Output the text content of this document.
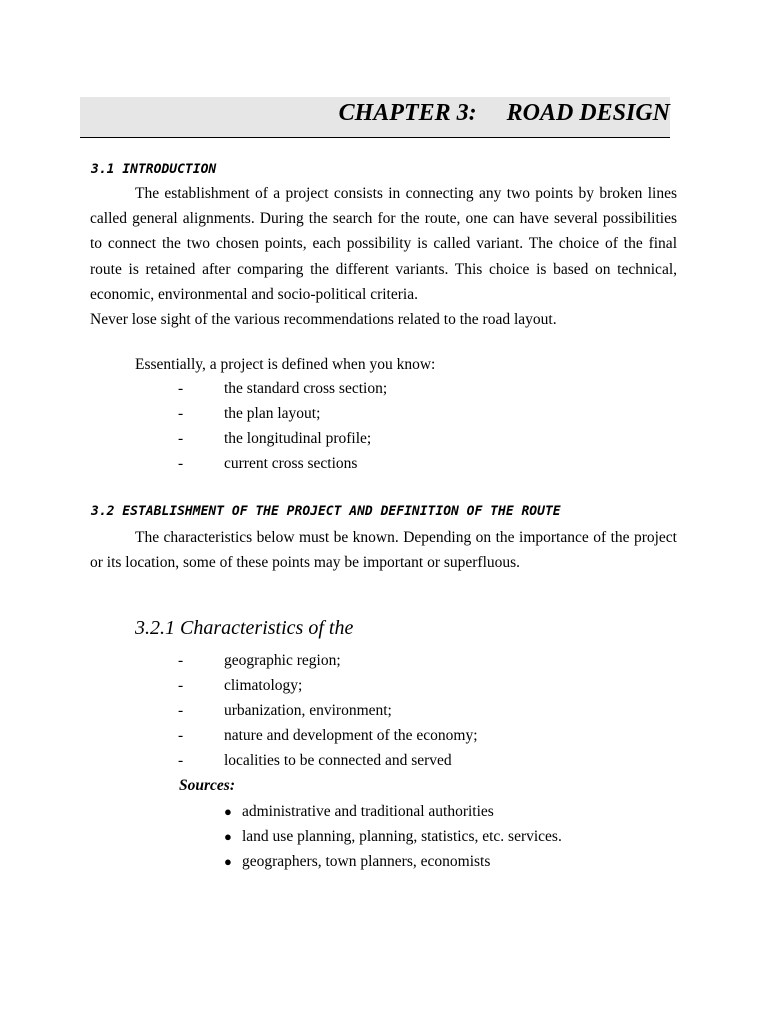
CHAPTER 3:     ROAD DESIGN
3.1 INTRODUCTION

The establishment of a project consists in connecting any two points by broken lines called general alignments. During the search for the route, one can have several possibilities to connect the two chosen points, each possibility is called variant. The choice of the final route is retained after comparing the different variants. This choice is based on technical, economic, environmental and socio-political criteria.

Never lose sight of the various recommendations related to the road layout.
Essentially, a project is defined when you know:
-	the standard cross section;
-	the plan layout;
-	the longitudinal profile;
-	current cross sections
3.2 ESTABLISHMENT OF THE PROJECT AND DEFINITION OF THE ROUTE

The characteristics below must be known. Depending on the importance of the project or its location, some of these points may be important or superfluous.

3.2.1 Characteristics of the
-	geographic region;
-	climatology;
-	urbanization, environment;
-	nature and development of the economy;
-	localities to be connected and served
Sources:
● administrative and traditional authorities
● land use planning, planning, statistics, etc. services.
● geographers, town planners, economists
